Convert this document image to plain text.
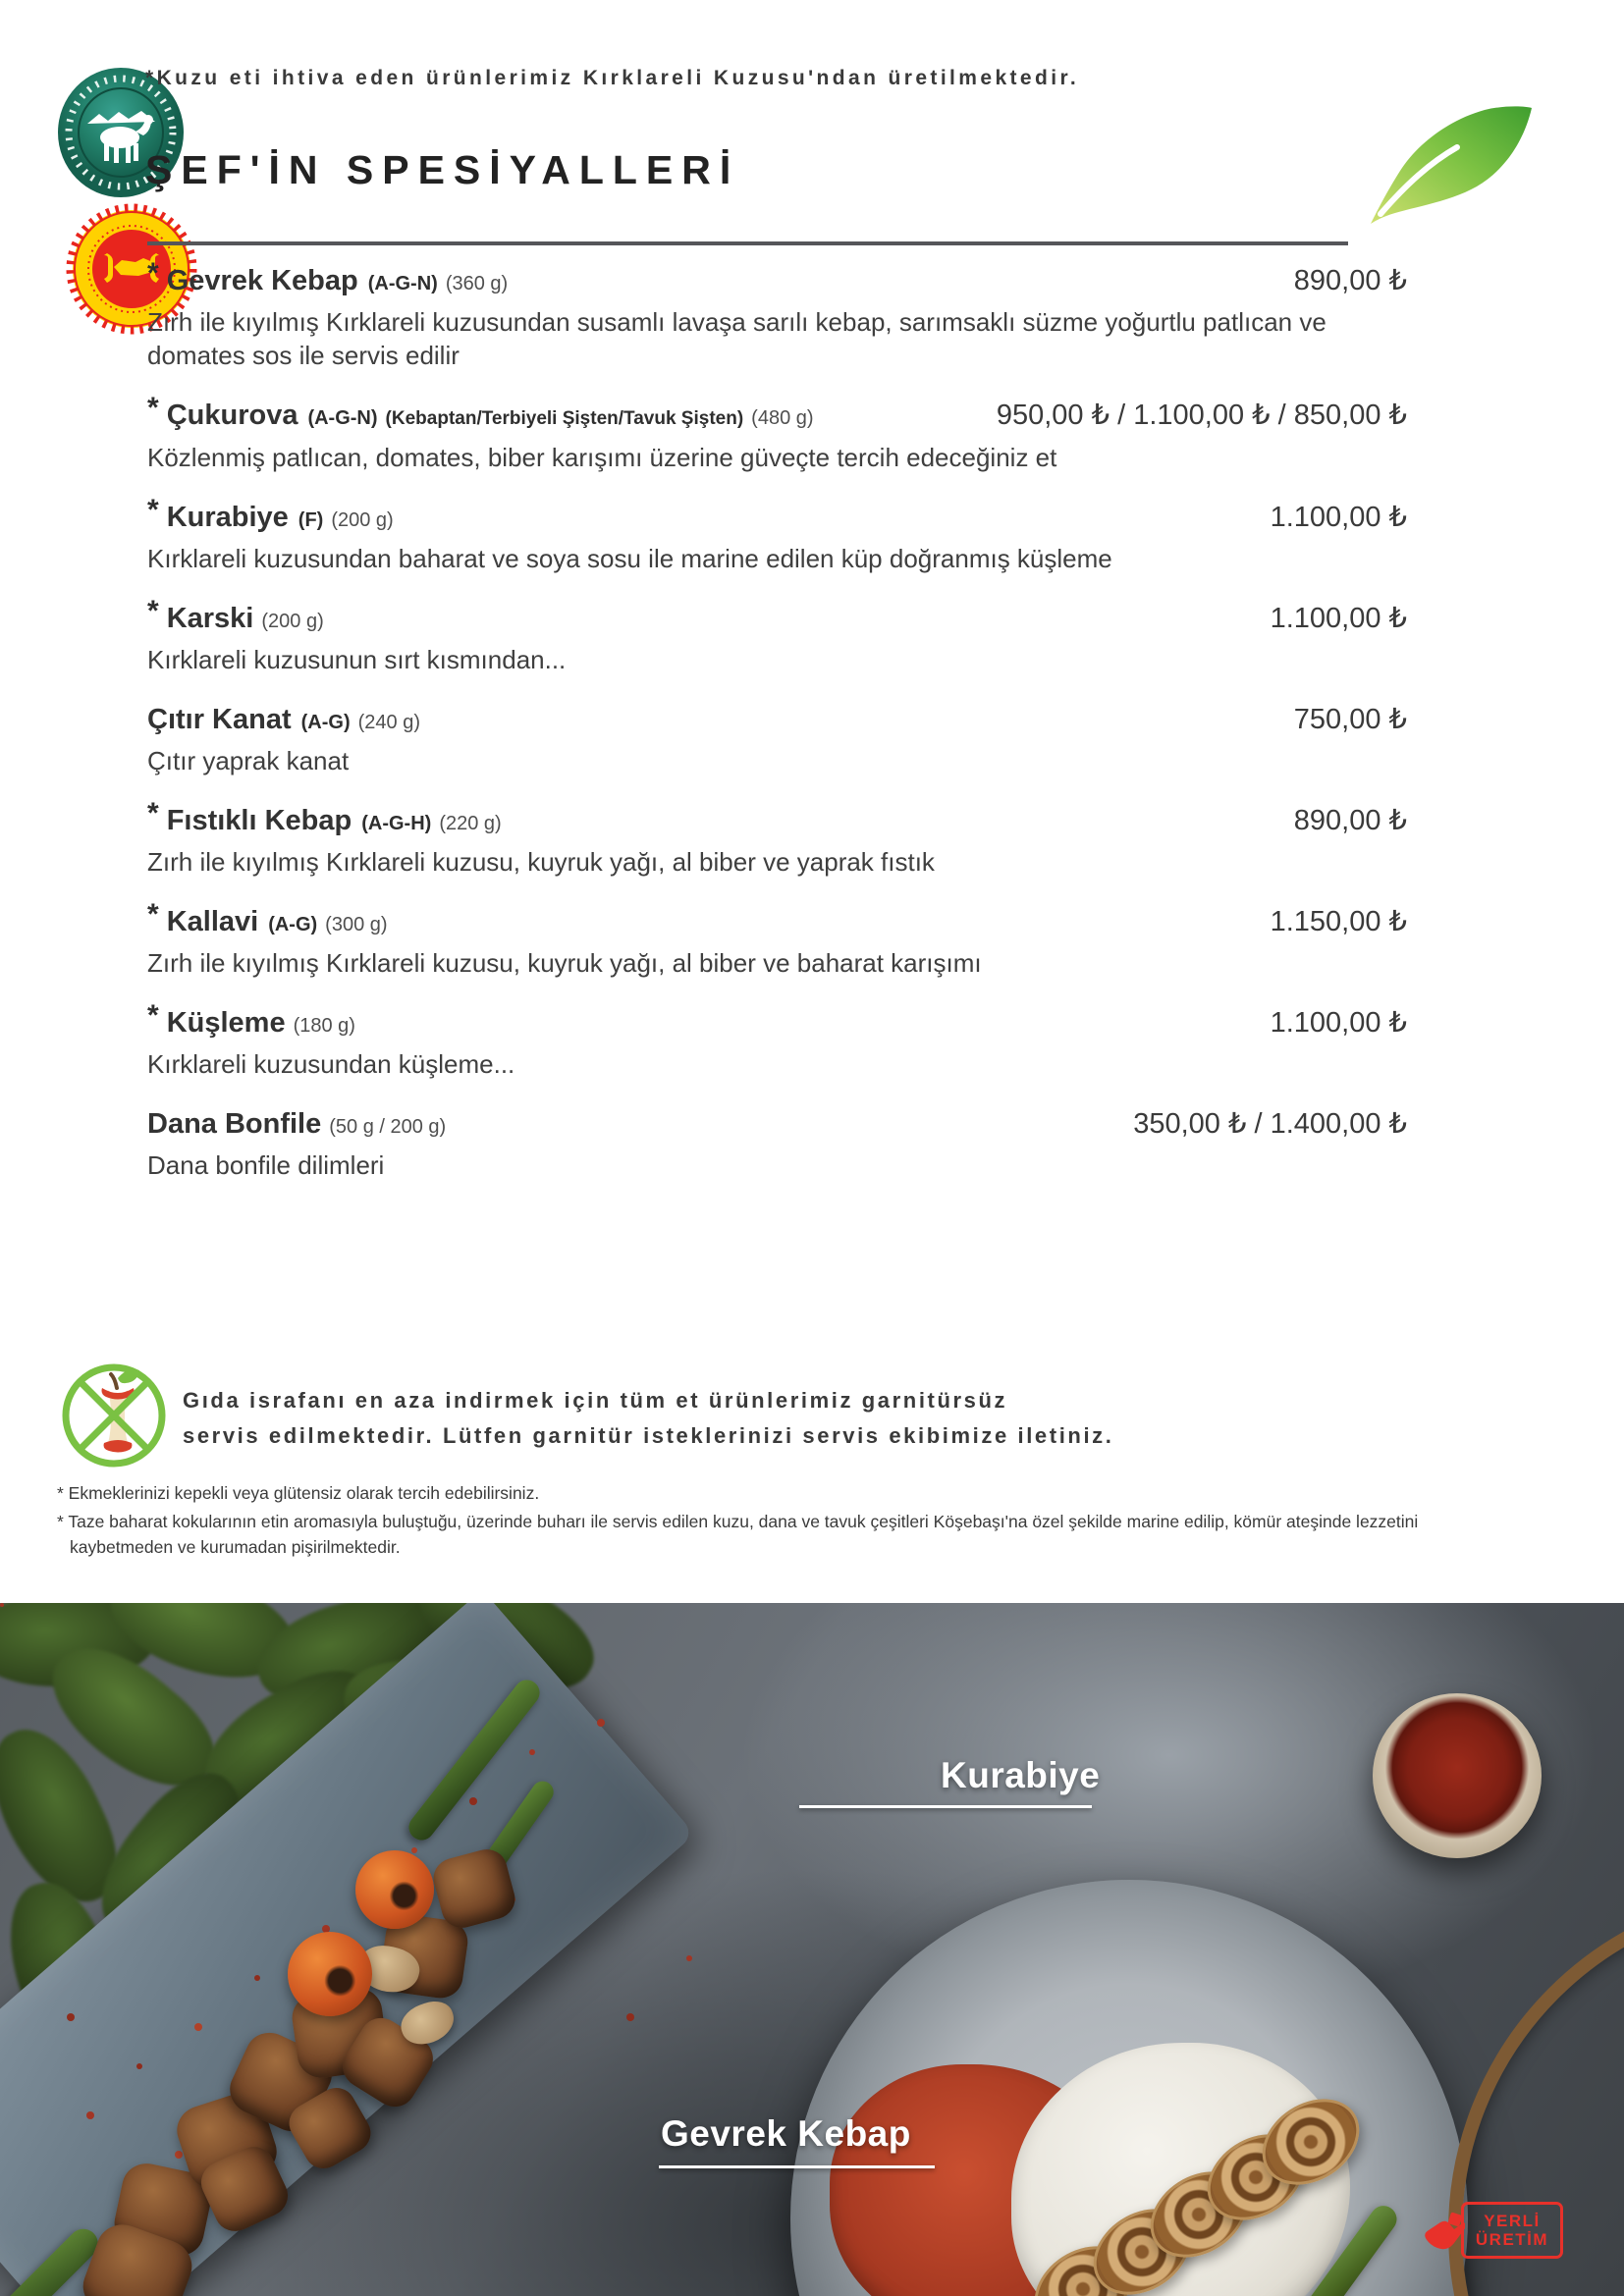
*Kuzu eti ihtiva eden ürünlerimiz Kırklareli Kuzusu'ndan üretilmektedir.
ŞEF'İN SPESİYALLERİ
* Gevrek Kebap (A-G-N) (360 g)	890,00 ₺
Zırh ile kıyılmış Kırklareli kuzusundan susamlı lavaşa sarılı kebap, sarımsaklı süzme yoğurtlu patlıcan ve domates sos ile servis edilir
* Çukurova (A-G-N) (Kebaptan/Terbiyeli Şişten/Tavuk Şişten) (480 g)	950,00 ₺ / 1.100,00 ₺ / 850,00 ₺
Közlenmiş patlıcan, domates, biber karışımı üzerine güveçte tercih edeceğiniz et
* Kurabiye (F) (200 g)	1.100,00 ₺
Kırklareli kuzusundan baharat ve soya sosu ile marine edilen küp doğranmış küşleme
* Karski (200 g)	1.100,00 ₺
Kırklareli kuzusunun sırt kısmından...
Çıtır Kanat (A-G) (240 g)	750,00 ₺
Çıtır yaprak kanat
* Fıstıklı Kebap (A-G-H) (220 g)	890,00 ₺
Zırh ile kıyılmış Kırklareli kuzusu, kuyruk yağı, al biber ve yaprak fıstık
* Kallavi (A-G) (300 g)	1.150,00 ₺
Zırh ile kıyılmış Kırklareli kuzusu, kuyruk yağı, al biber ve baharat karışımı
* Küşleme (180 g)	1.100,00 ₺
Kırklareli kuzusundan küşleme...
Dana Bonfile (50 g / 200 g)	350,00 ₺ / 1.400,00 ₺
Dana bonfile dilimleri
Gıda israfanı en aza indirmek için tüm et ürünlerimiz garnitürsüz
servis edilmektedir. Lütfen garnitür isteklerinizi servis ekibimize iletiniz.
* Ekmeklerinizi kepekli veya glütensiz olarak tercih edebilirsiniz.
* Taze baharat kokularının etin aromasıyla buluştuğu, üzerinde buharı ile servis edilen kuzu, dana ve tavuk çeşitleri Köşebaşı'na özel şekilde marine edilip, kömür ateşinde lezzetini kaybetmeden ve kurumadan pişirilmektedir.
Kurabiye
Gevrek Kebap
YERLİ
ÜRETİM
